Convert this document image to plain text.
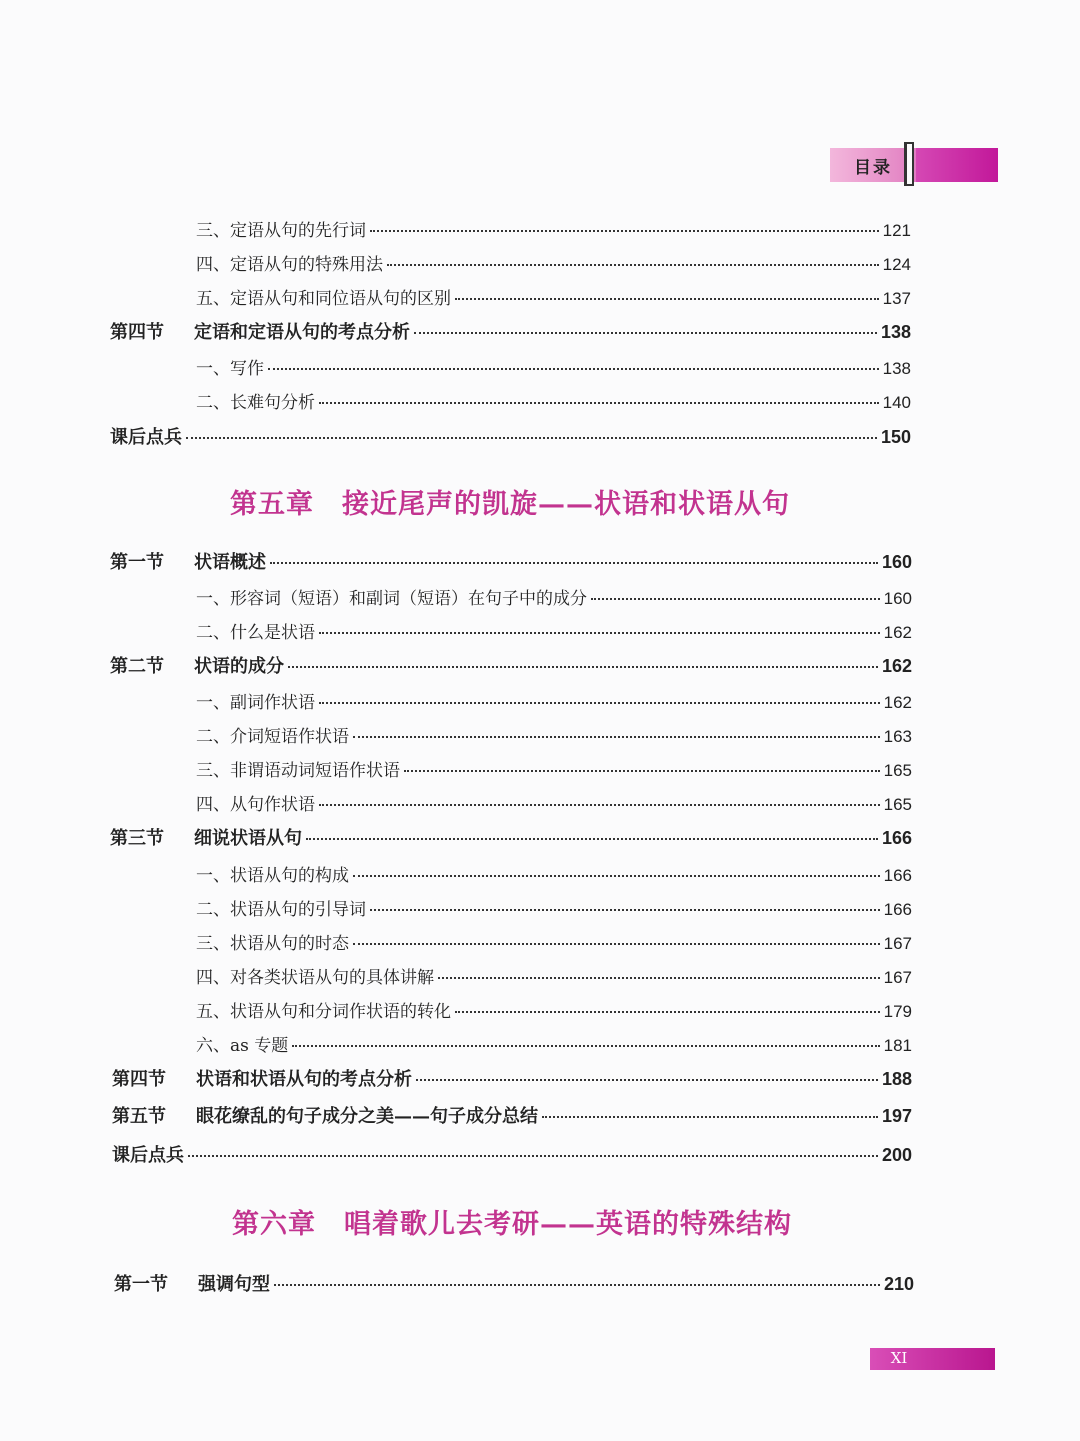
目录
三、定语从句的先行词	121
四、定语从句的特殊用法	124
五、定语从句和同位语从句的区别	137
第四节 定语和定语从句的考点分析	138
一、写作	138
二、长难句分析	140
课后点兵	150
第五章 接近尾声的凯旋——状语和状语从句
第一节 状语概述	160
一、形容词（短语）和副词（短语）在句子中的成分	160
二、什么是状语	162
第二节 状语的成分	162
一、副词作状语	162
二、介词短语作状语	163
三、非谓语动词短语作状语	165
四、从句作状语	165
第三节 细说状语从句	166
一、状语从句的构成	166
二、状语从句的引导词	166
三、状语从句的时态	167
四、对各类状语从句的具体讲解	167
五、状语从句和分词作状语的转化	179
六、as 专题	181
第四节 状语和状语从句的考点分析	188
第五节 眼花缭乱的句子成分之美——句子成分总结	197
课后点兵	200
第六章 唱着歌儿去考研——英语的特殊结构
第一节 强调句型	210
XI
